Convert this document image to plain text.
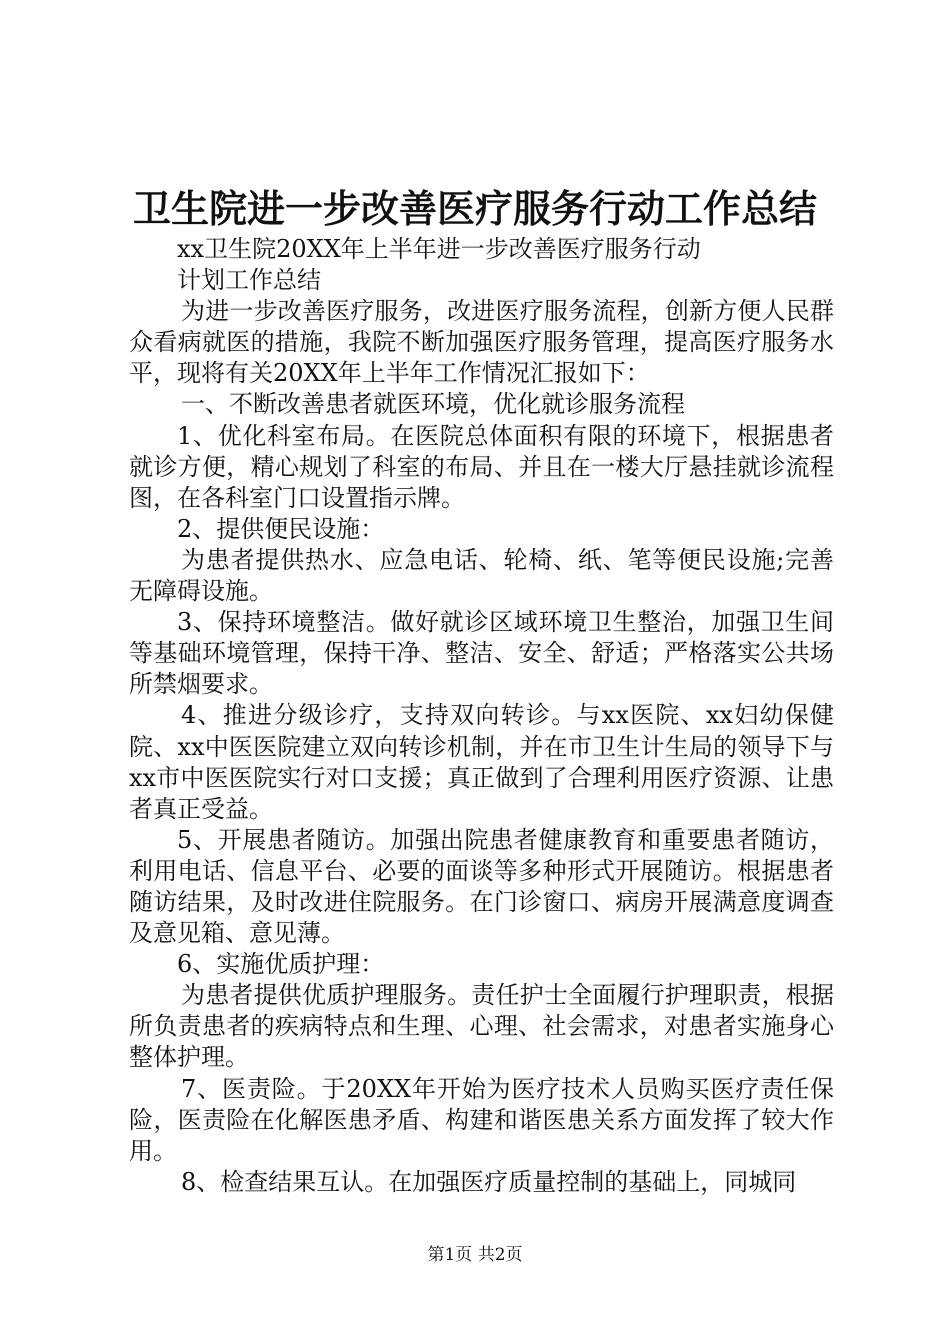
卫生院进一步改善医疗服务行动工作总结

xx卫生院20XX年上半年进一步改善医疗服务行动

计划工作总结

为进一步改善医疗服务，改进医疗服务流程，创新方便人民群众看病就医的措施，我院不断加强医疗服务管理，提高医疗服务水平，现将有关20XX年上半年工作情况汇报如下：

一、不断改善患者就医环境，优化就诊服务流程

1、优化科室布局。在医院总体面积有限的环境下，根据患者就诊方便，精心规划了科室的布局、并且在一楼大厅悬挂就诊流程图，在各科室门口设置指示牌。

2、提供便民设施：

为患者提供热水、应急电话、轮椅、纸、笔等便民设施;完善无障碍设施。

3、保持环境整洁。做好就诊区域环境卫生整治，加强卫生间等基础环境管理，保持干净、整洁、安全、舒适；严格落实公共场所禁烟要求。

4、推进分级诊疗，支持双向转诊。与xx医院、xx妇幼保健院、xx中医医院建立双向转诊机制，并在市卫生计生局的领导下与xx市中医医院实行对口支援；真正做到了合理利用医疗资源、让患者真正受益。

5、开展患者随访。加强出院患者健康教育和重要患者随访，利用电话、信息平台、必要的面谈等多种形式开展随访。根据患者随访结果，及时改进住院服务。在门诊窗口、病房开展满意度调查及意见箱、意见薄。

6、实施优质护理：

为患者提供优质护理服务。责任护士全面履行护理职责，根据所负责患者的疾病特点和生理、心理、社会需求，对患者实施身心整体护理。

7、医责险。于20XX年开始为医疗技术人员购买医疗责任保险，医责险在化解医患矛盾、构建和谐医患关系方面发挥了较大作用。

8、检查结果互认。在加强医疗质量控制的基础上，同城同

第1页 共2页
